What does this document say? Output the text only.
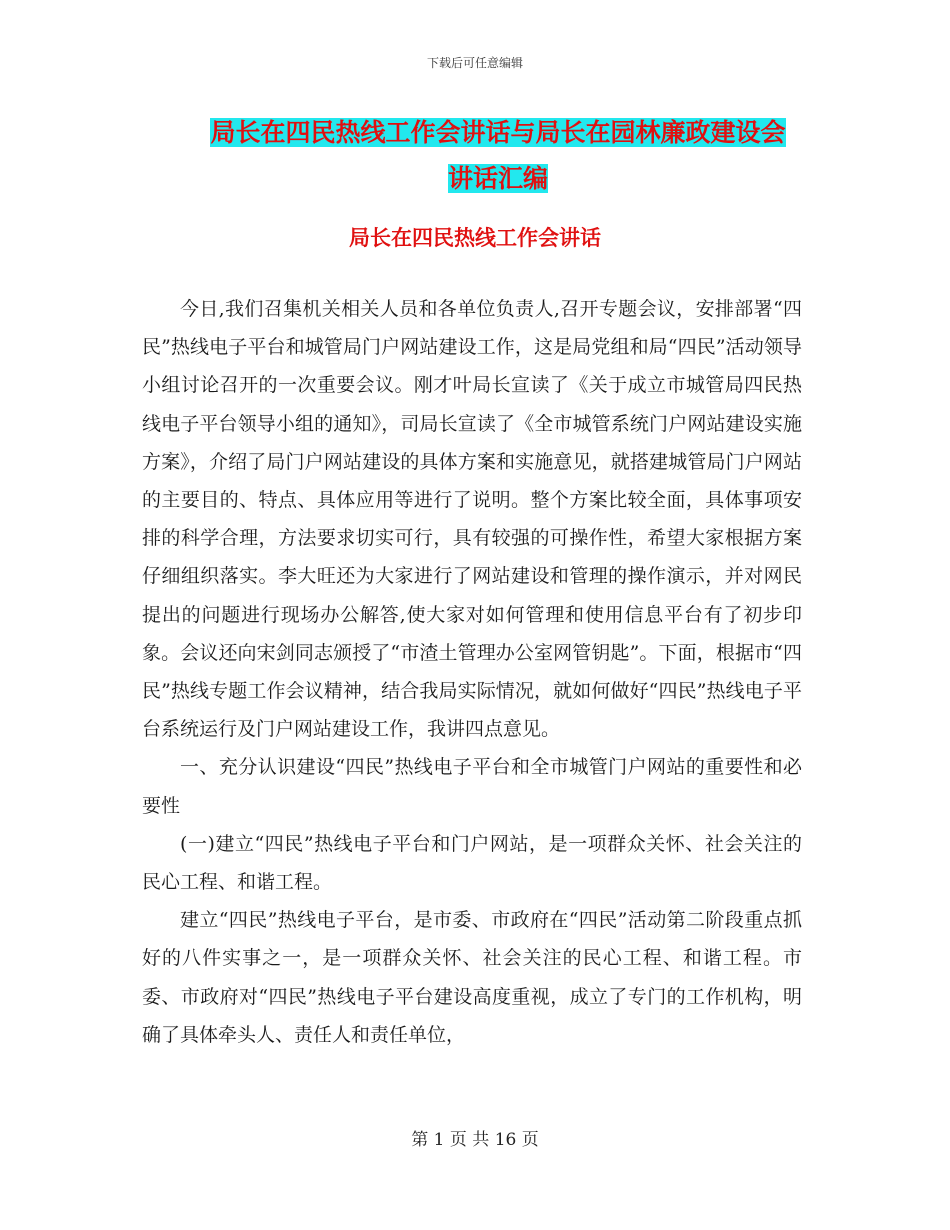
下载后可任意编辑
局长在四民热线工作会讲话与局长在园林廉政建设会
讲话汇编
局长在四民热线工作会讲话

今日,我们召集机关相关人员和各单位负责人,召开专题会议，安排部署“四民”热线电子平台和城管局门户网站建设工作，这是局党组和局“四民”活动领导小组讨论召开的一次重要会议。刚才叶局长宣读了《关于成立市城管局四民热线电子平台领导小组的通知》，司局长宣读了《全市城管系统门户网站建设实施方案》，介绍了局门户网站建设的具体方案和实施意见，就搭建城管局门户网站的主要目的、特点、具体应用等进行了说明。整个方案比较全面，具体事项安排的科学合理，方法要求切实可行，具有较强的可操作性，希望大家根据方案仔细组织落实。李大旺还为大家进行了网站建设和管理的操作演示，并对网民提出的问题进行现场办公解答,使大家对如何管理和使用信息平台有了初步印象。会议还向宋剑同志颁授了“市渣土管理办公室网管钥匙”。下面，根据市“四民”热线专题工作会议精神，结合我局实际情况，就如何做好“四民”热线电子平台系统运行及门户网站建设工作，我讲四点意见。

一、充分认识建设“四民”热线电子平台和全市城管门户网站的重要性和必要性

(一)建立“四民”热线电子平台和门户网站，是一项群众关怀、社会关注的民心工程、和谐工程。

建立“四民”热线电子平台，是市委、市政府在“四民”活动第二阶段重点抓好的八件实事之一，是一项群众关怀、社会关注的民心工程、和谐工程。市委、市政府对“四民”热线电子平台建设高度重视，成立了专门的工作机构，明确了具体牵头人、责任人和责任单位，

第 1 页 共 16 页
